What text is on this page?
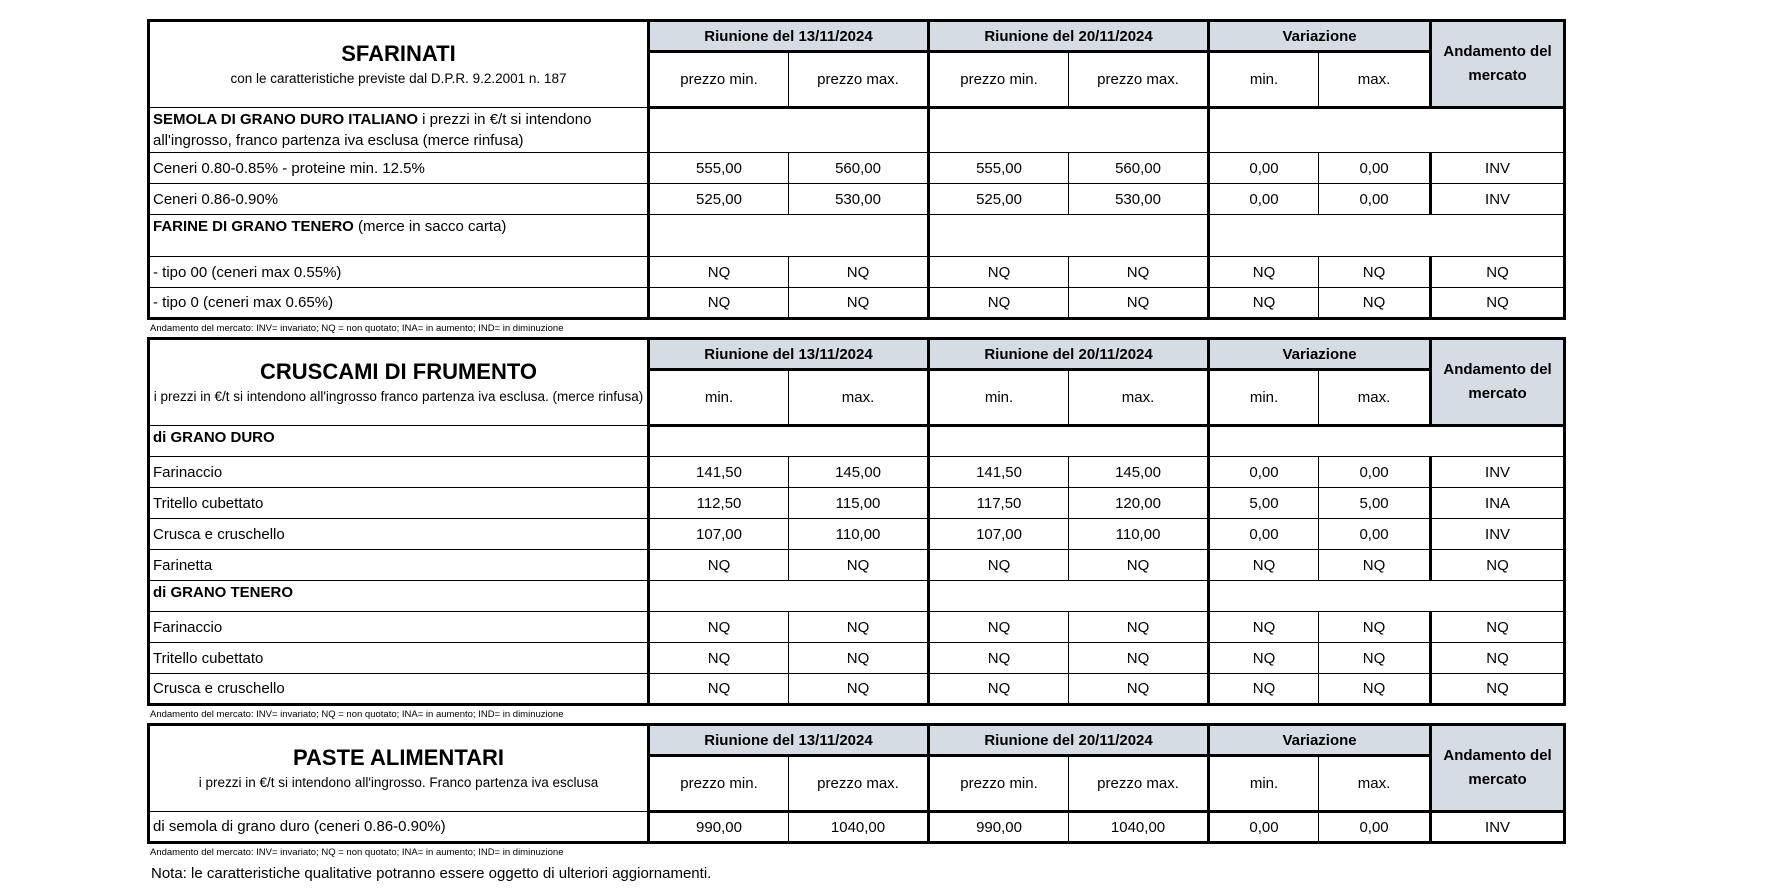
SFARINATI
con le caratteristiche previste dal D.P.R. 9.2.2001 n. 187	Riunione del 13/11/2024		Riunione del 20/11/2024		Variazione		Andamento del mercato
	prezzo min.	prezzo max.	prezzo min.	prezzo max.	min.	max.	
SEMOLA DI GRANO DURO ITALIANO i prezzi in €/t si intendono all'ingrosso, franco partenza iva esclusa (merce rinfusa)							
Ceneri 0.80-0.85% - proteine min. 12.5%	555,00	560,00	555,00	560,00	0,00	0,00	INV
Ceneri 0.86-0.90%	525,00	530,00	525,00	530,00	0,00	0,00	INV
FARINE DI GRANO TENERO (merce in sacco carta)							
- tipo 00 (ceneri max 0.55%)	NQ	NQ	NQ	NQ	NQ	NQ	NQ
- tipo 0 (ceneri max 0.65%)	NQ	NQ	NQ	NQ	NQ	NQ	NQ
Andamento del mercato: INV= invariato; NQ = non quotato; INA= in aumento; IND= in diminuzione
CRUSCAMI DI FRUMENTO
i prezzi in €/t si intendono all'ingrosso franco partenza iva esclusa. (merce rinfusa)	Riunione del 13/11/2024		Riunione del 20/11/2024		Variazione		Andamento del mercato
	min.	max.	min.	max.	min.	max.	
di GRANO DURO							
Farinaccio	141,50	145,00	141,50	145,00	0,00	0,00	INV
Tritello cubettato	112,50	115,00	117,50	120,00	5,00	5,00	INA
Crusca e cruschello	107,00	110,00	107,00	110,00	0,00	0,00	INV
Farinetta	NQ	NQ	NQ	NQ	NQ	NQ	NQ
di GRANO TENERO							
Farinaccio	NQ	NQ	NQ	NQ	NQ	NQ	NQ
Tritello cubettato	NQ	NQ	NQ	NQ	NQ	NQ	NQ
Crusca e cruschello	NQ	NQ	NQ	NQ	NQ	NQ	NQ
Andamento del mercato: INV= invariato; NQ = non quotato; INA= in aumento; IND= in diminuzione
PASTE ALIMENTARI
i prezzi in €/t si intendono all'ingrosso. Franco partenza iva esclusa	Riunione del 13/11/2024		Riunione del 20/11/2024		Variazione		Andamento del mercato
	prezzo min.	prezzo max.	prezzo min.	prezzo max.	min.	max.	
di semola di grano duro (ceneri 0.86-0.90%)	990,00	1040,00	990,00	1040,00	0,00	0,00	INV
Andamento del mercato: INV= invariato; NQ = non quotato; INA= in aumento; IND= in diminuzione
Nota: le caratteristiche qualitative potranno essere oggetto di ulteriori aggiornamenti.
